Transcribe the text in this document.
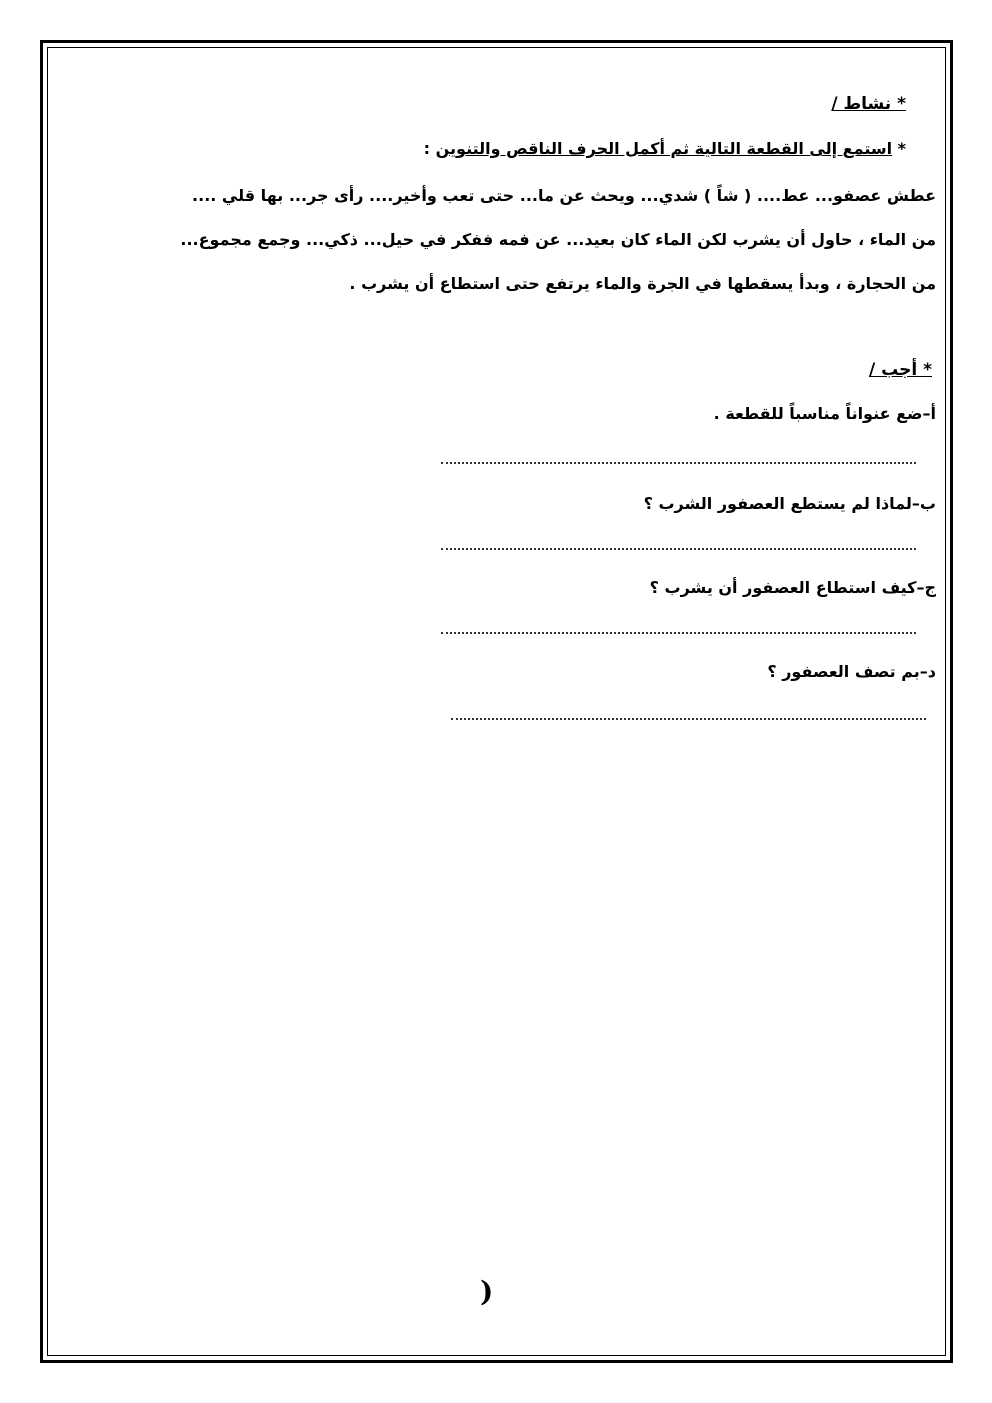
* نشاط /
* استمع إلى القطعة التالية ثم أكمل الحرف الناقص والتنوين :
عطش عصفو... عط.... ( شاً ) شدي... ويحث عن ما... حتى تعب وأخير.... رأى جر... بها قلي ....
من الماء ، حاول أن يشرب لكن الماء كان بعيد... عن فمه ففكر في حيل... ذكي... وجمع مجموع...
من الحجارة ، وبدأ يسقطها في الجرة والماء يرتفع حتى استطاع أن يشرب .
* أجب /
أ–ضع عنواناً مناسباً للقطعة .
ب–لماذا لم يستطع العصفور الشرب ؟
ج–كيف استطاع العصفور أن يشرب ؟
د–بم تصف العصفور ؟
)
